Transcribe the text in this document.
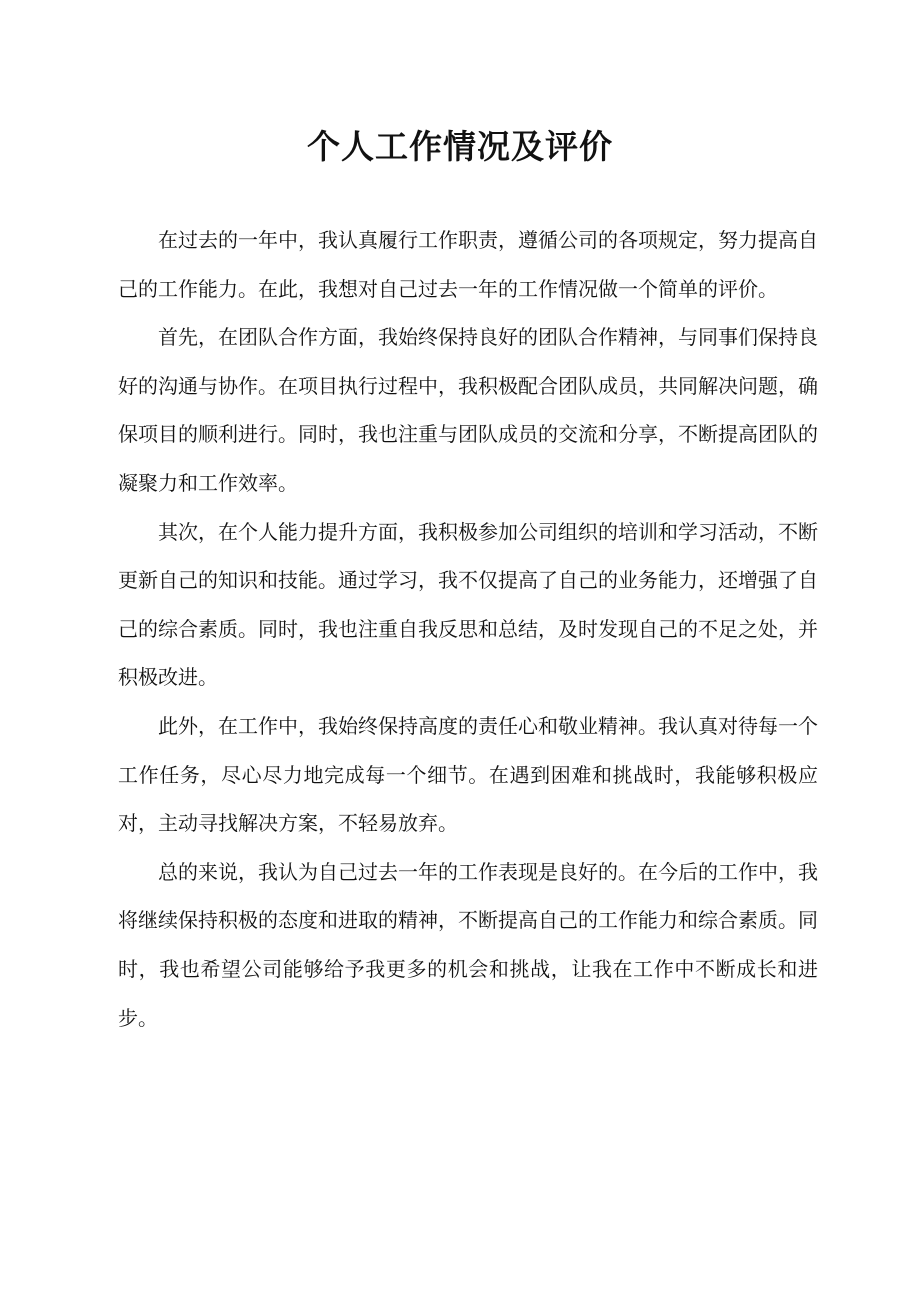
个人工作情况及评价

在过去的一年中，我认真履行工作职责，遵循公司的各项规定，努力提高自己的工作能力。在此，我想对自己过去一年的工作情况做一个简单的评价。

首先，在团队合作方面，我始终保持良好的团队合作精神，与同事们保持良好的沟通与协作。在项目执行过程中，我积极配合团队成员，共同解决问题，确保项目的顺利进行。同时，我也注重与团队成员的交流和分享，不断提高团队的凝聚力和工作效率。

其次，在个人能力提升方面，我积极参加公司组织的培训和学习活动，不断更新自己的知识和技能。通过学习，我不仅提高了自己的业务能力，还增强了自己的综合素质。同时，我也注重自我反思和总结，及时发现自己的不足之处，并积极改进。

此外，在工作中，我始终保持高度的责任心和敬业精神。我认真对待每一个工作任务，尽心尽力地完成每一个细节。在遇到困难和挑战时，我能够积极应对，主动寻找解决方案，不轻易放弃。

总的来说，我认为自己过去一年的工作表现是良好的。在今后的工作中，我将继续保持积极的态度和进取的精神，不断提高自己的工作能力和综合素质。同时，我也希望公司能够给予我更多的机会和挑战，让我在工作中不断成长和进步。
